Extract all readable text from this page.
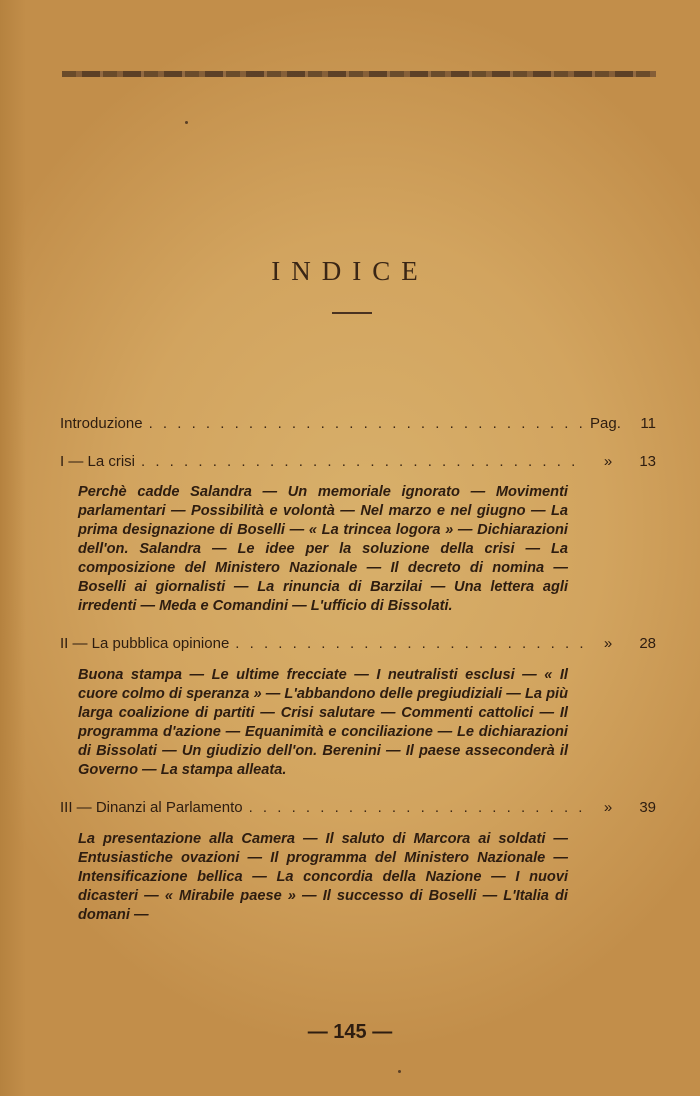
INDICE
Introduzione . . .	Pag.	11
I — La crisi . . .	»	13

Perchè cadde Salandra — Un memoriale ignorato — Movimenti parlamentari — Possibilità e volontà — Nel marzo e nel giugno — La prima designazione di Boselli — « La trincea logora » — Dichiarazioni dell'on. Salandra — Le idee per la soluzione della crisi — La composizione del Ministero Nazionale — Il decreto di nomina — Boselli ai giornalisti — La rinuncia di Barzilai — Una lettera agli irredenti — Meda e Comandini — L'ufficio di Bissolati.

II — La pubblica opinione . . .	»	28

Buona stampa — Le ultime frecciate — I neutralisti esclusi — « Il cuore colmo di speranza » — L'abbandono delle pregiudiziali — La più larga coalizione di partiti — Crisi salutare — Commenti cattolici — Il programma d'azione — Equanimità e conciliazione — Le dichiarazioni di Bissolati — Un giudizio dell'on. Berenini — Il paese asseconderà il Governo — La stampa alleata.

III — Dinanzi al Parlamento . . .	»	39

La presentazione alla Camera — Il saluto di Marcora ai soldati — Entusiastiche ovazioni — Il programma del Ministero Nazionale — Intensificazione bellica — La concordia della Nazione — I nuovi dicasteri — « Mirabile paese » — Il successo di Boselli — L'Italia di domani —

— 145 —
